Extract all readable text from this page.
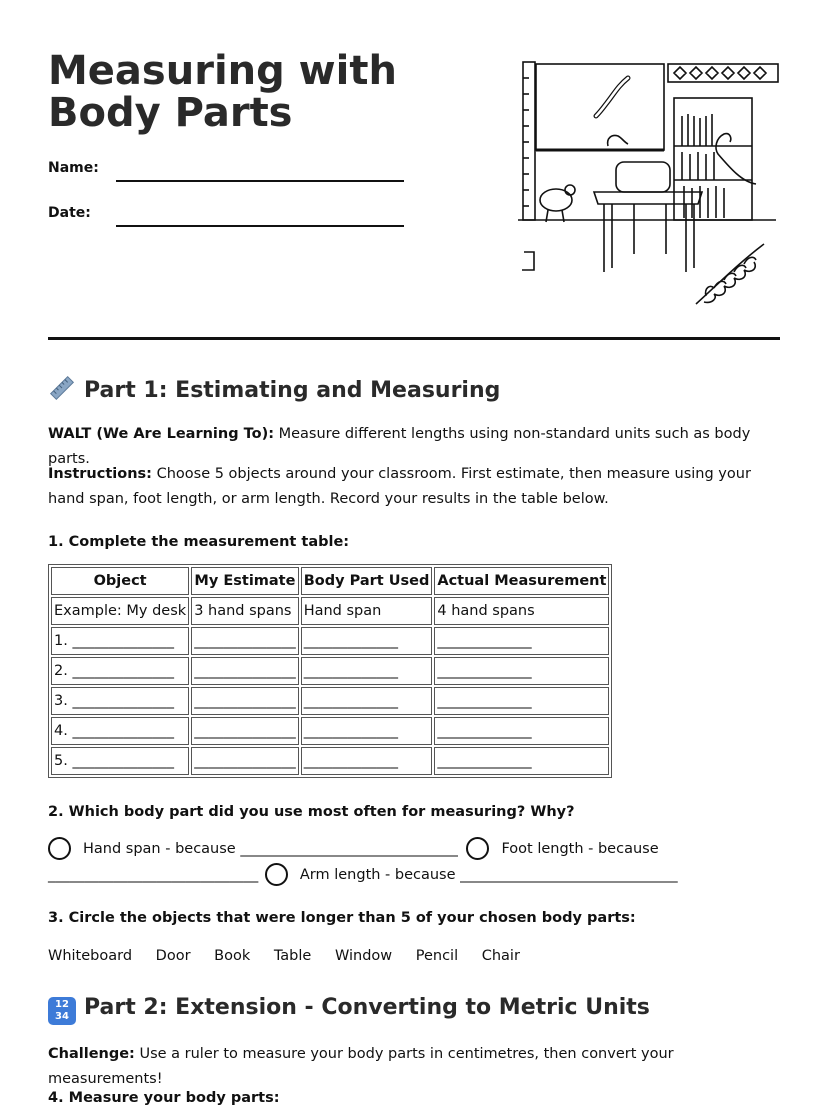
Measuring with Body Parts
Name:
Date:
Part 1: Estimating and Measuring

WALT (We Are Learning To): Measure different lengths using non-standard units such as body parts.

Instructions: Choose 5 objects around your classroom. First estimate, then measure using your hand span, foot length, or arm length. Record your results in the table below.

1. Complete the measurement table:

Object	My Estimate	Body Part Used	Actual Measurement
Example: My desk	3 hand spans	Hand span	4 hand spans
1. ______________	______________	_____________	_____________
2. ______________	______________	_____________	_____________
3. ______________	______________	_____________	_____________
4. ______________	______________	_____________	_____________
5. ______________	______________	_____________	_____________

2. Which body part did you use most often for measuring? Why?

Hand span - because ______________________________	Foot length - because
_____________________________	Arm length - because ______________________________

3. Circle the objects that were longer than 5 of your chosen body parts:

Whiteboard Door Book Table Window Pencil Chair
12
34 Part 2: Extension - Converting to Metric Units

Challenge: Use a ruler to measure your body parts in centimetres, then convert your measurements!

4. Measure your body parts:
